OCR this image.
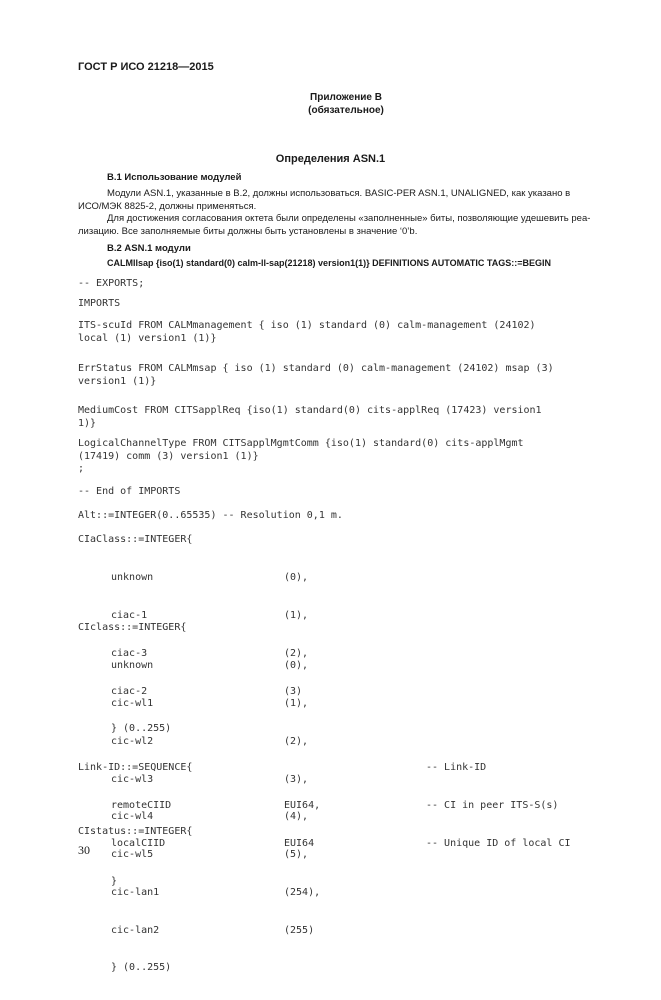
ГОСТ Р ИСО 21218—2015
Приложение В
(обязательное)
Определения ASN.1
В.1 Использование модулей
Модули ASN.1, указанные в В.2, должны использоваться. BASIC-PER ASN.1, UNALIGNED, как указано в
ИСО/МЭК 8825-2, должны применяться.
Для достижения согласования октета были определены «заполненные» биты, позволяющие удешевить реа-
лизацию. Все заполняемые биты должны быть установлены в значение ‘0’b.
В.2 ASN.1 модули
CALMllsap {iso(1) standard(0) calm-ll-sap(21218) version1(1)} DEFINITIONS AUTOMATIC TAGS::=BEGIN
-- EXPORTS;
IMPORTS
ITS-scuId FROM CALMmanagement { iso (1) standard (0) calm-management (24102)
local (1) version1 (1)}
ErrStatus FROM CALMmsap { iso (1) standard (0) calm-management (24102) msap (3)
version1 (1)}
MediumCost FROM CITSapplReq {iso(1) standard(0) cits-applReq (17423) version1
1)}
LogicalChannelType FROM CITSapplMgmtComm {iso(1) standard(0) cits-applMgmt
(17419) comm (3) version1 (1)}
;
-- End of IMPORTS
Alt::=INTEGER(0..65535) -- Resolution 0,1 m.
CIaClass::=INTEGER{

unknown

ciac-1

ciac-3

ciac-2

} (0..255)

(0),

(1),

(2),

(3)

CIclass::=INTEGER{

unknown

cic-wl1

cic-wl2

cic-wl3

cic-wl4

cic-wl5

cic-lan1

cic-lan2

} (0..255)

(0),

(1),

(2),

(3),

(4),

(5),

(254),

(255)

Link-ID::=SEQUENCE{	-- Link-ID

remoteCIID

localCIID

}

EUI64,

EUI64

-- CI in peer ITS-S(s)

-- Unique ID of local CI

CIstatus::=INTEGER{
30
